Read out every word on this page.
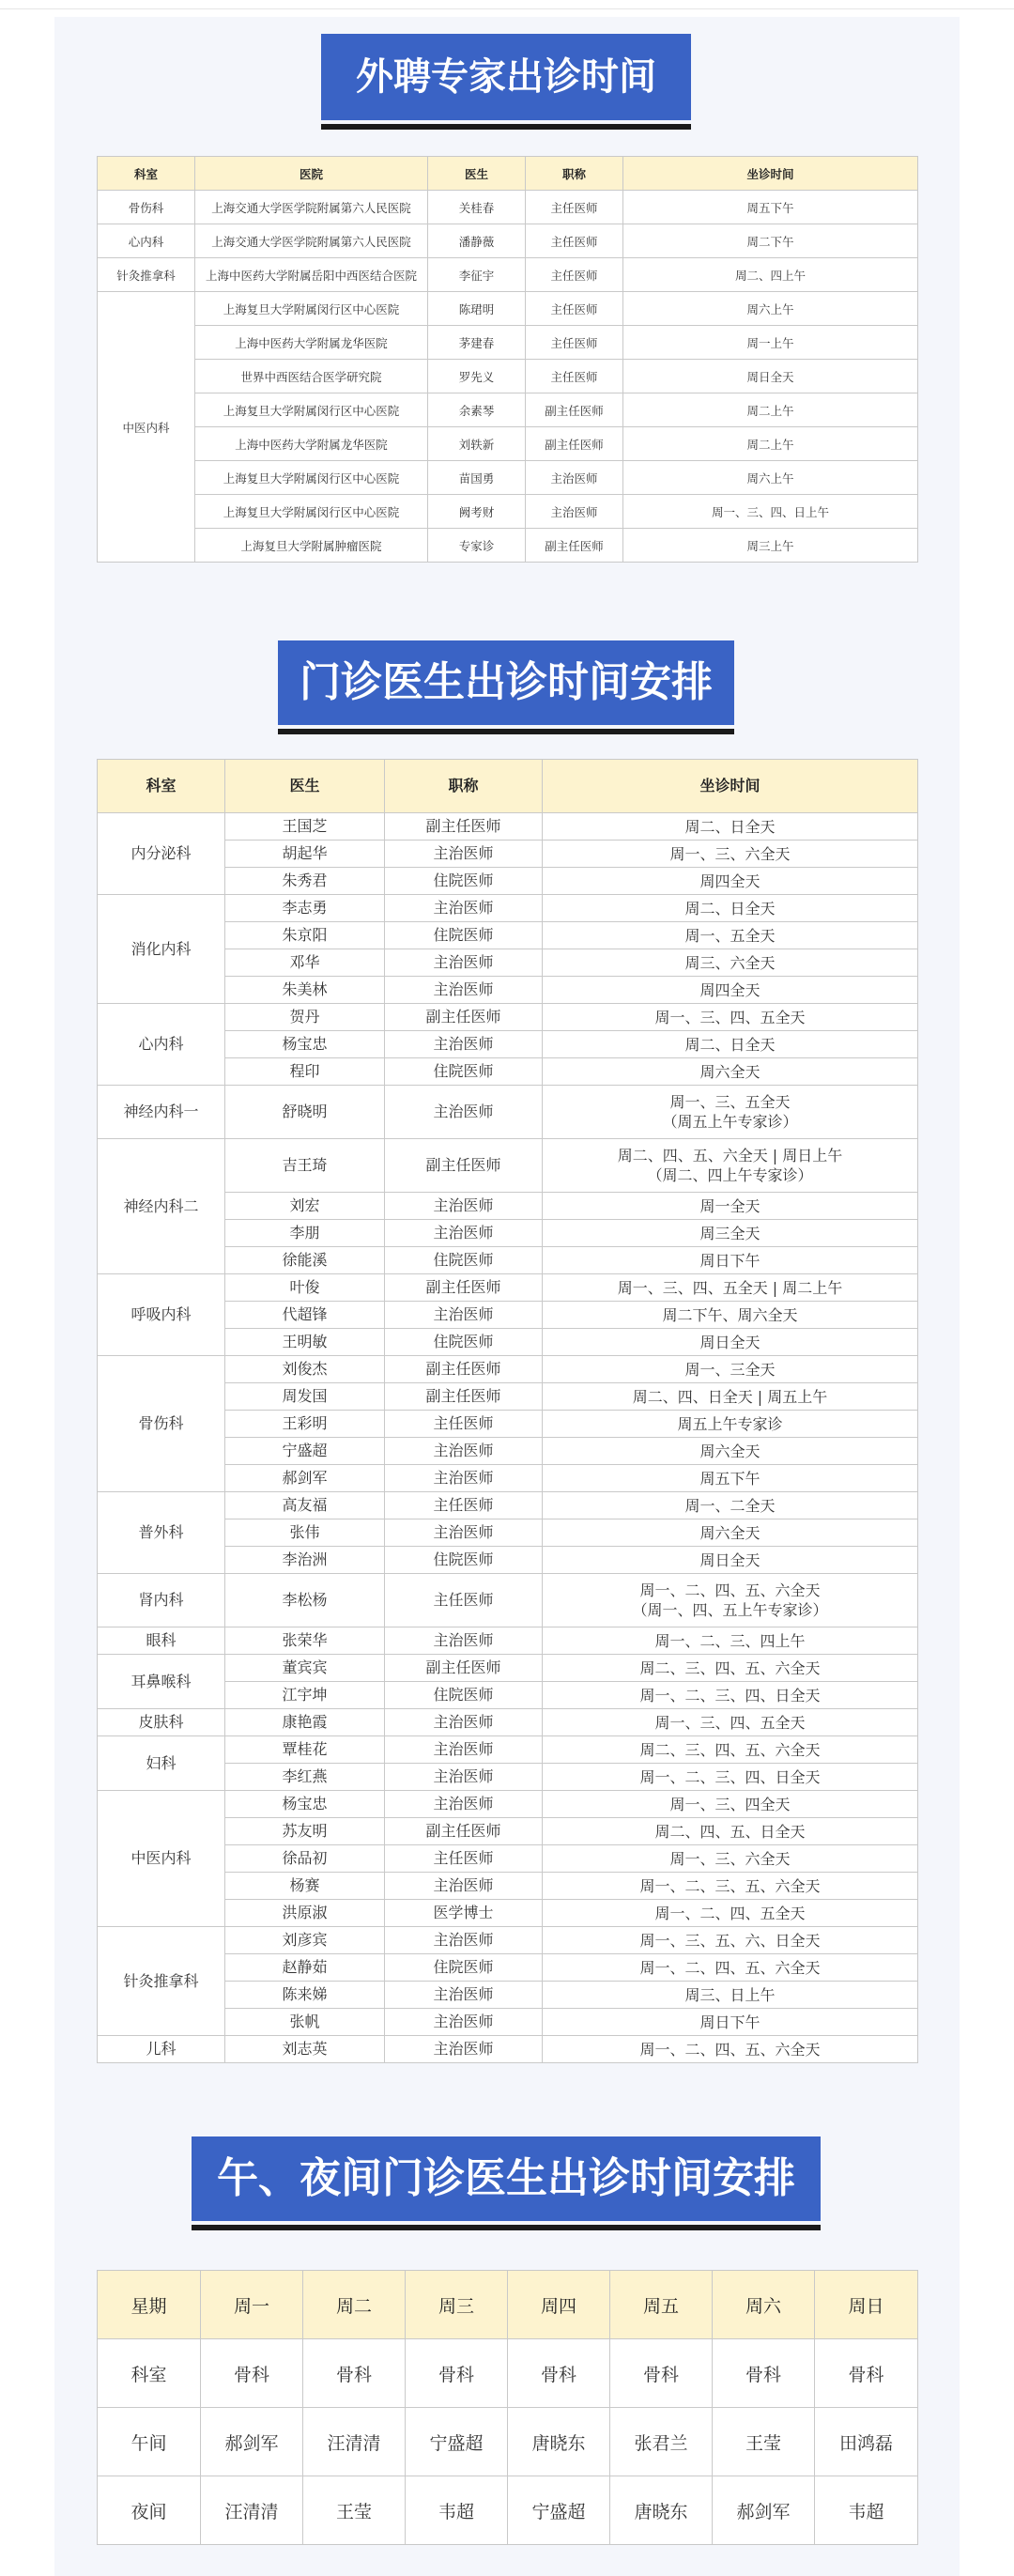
外聘专家出诊时间
科室	医院	医生	职称	坐诊时间
骨伤科	上海交通大学医学院附属第六人民医院	关桂春	主任医师	周五下午
心内科	上海交通大学医学院附属第六人民医院	潘静薇	主任医师	周二下午
针灸推拿科	上海中医药大学附属岳阳中西医结合医院	李征宇	主任医师	周二、四上午
中医内科	上海复旦大学附属闵行区中心医院	陈珺明	主任医师	周六上午
	上海中医药大学附属龙华医院	茅建春	主任医师	周一上午
	世界中西医结合医学研究院	罗先义	主任医师	周日全天
	上海复旦大学附属闵行区中心医院	余素琴	副主任医师	周二上午
	上海中医药大学附属龙华医院	刘轶新	副主任医师	周二上午
	上海复旦大学附属闵行区中心医院	苗国勇	主治医师	周六上午
	上海复旦大学附属闵行区中心医院	阙考财	主治医师	周一、三、四、日上午
	上海复旦大学附属肿瘤医院	专家诊	副主任医师	周三上午
门诊医生出诊时间安排
科室	医生	职称	坐诊时间
内分泌科	王国芝	副主任医师	周二、日全天

	胡起华	主治医师	周一、三、六全天

	朱秀君	住院医师	周四全天

消化内科	李志勇	主治医师	周二、日全天

	朱京阳	住院医师	周一、五全天

	邓华	主治医师	周三、六全天

	朱美林	主治医师	周四全天

心内科	贺丹	副主任医师	周一、三、四、五全天

	杨宝忠	主治医师	周二、日全天

	程印	住院医师	周六全天

神经内科一	舒晓明	主治医师	周一、三、五全天
（周五上午专家诊）

神经内科二	吉王琦	副主任医师	周二、四、五、六全天 | 周日上午
（周二、四上午专家诊）

	刘宏	主治医师	周一全天

	李朋	主治医师	周三全天

	徐能溪	住院医师	周日下午

呼吸内科	叶俊	副主任医师	周一、三、四、五全天 | 周二上午

	代超锋	主治医师	周二下午、周六全天

	王明敏	住院医师	周日全天

骨伤科	刘俊杰	副主任医师	周一、三全天

	周发国	副主任医师	周二、四、日全天 | 周五上午

	王彩明	主任医师	周五上午专家诊

	宁盛超	主治医师	周六全天

	郝剑军	主治医师	周五下午

普外科	高友福	主任医师	周一、二全天

	张伟	主治医师	周六全天

	李治洲	住院医师	周日全天

肾内科	李松杨	主任医师	周一、二、四、五、六全天
（周一、四、五上午专家诊）

眼科	张荣华	主治医师	周一、二、三、四上午

耳鼻喉科	董宾宾	副主任医师	周二、三、四、五、六全天

	江宇坤	住院医师	周一、二、三、四、日全天

皮肤科	康艳霞	主治医师	周一、三、四、五全天

妇科	覃桂花	主治医师	周二、三、四、五、六全天

	李红燕	主治医师	周一、二、三、四、日全天

中医内科	杨宝忠	主治医师	周一、三、四全天

	苏友明	副主任医师	周二、四、五、日全天

	徐品初	主任医师	周一、三、六全天

	杨赛	主治医师	周一、二、三、五、六全天

	洪原淑	医学博士	周一、二、四、五全天

针灸推拿科	刘彦宾	主治医师	周一、三、五、六、日全天

	赵静茹	住院医师	周一、二、四、五、六全天

	陈来娣	主治医师	周三、日上午

	张帆	主治医师	周日下午

儿科	刘志英	主治医师	周一、二、四、五、六全天
午、夜间门诊医生出诊时间安排
星期	周一	周二	周三	周四	周五	周六	周日
科室	骨科	骨科	骨科	骨科	骨科	骨科	骨科
午间	郝剑军	汪清清	宁盛超	唐晓东	张君兰	王莹	田鸿磊
夜间	汪清清	王莹	韦超	宁盛超	唐晓东	郝剑军	韦超
